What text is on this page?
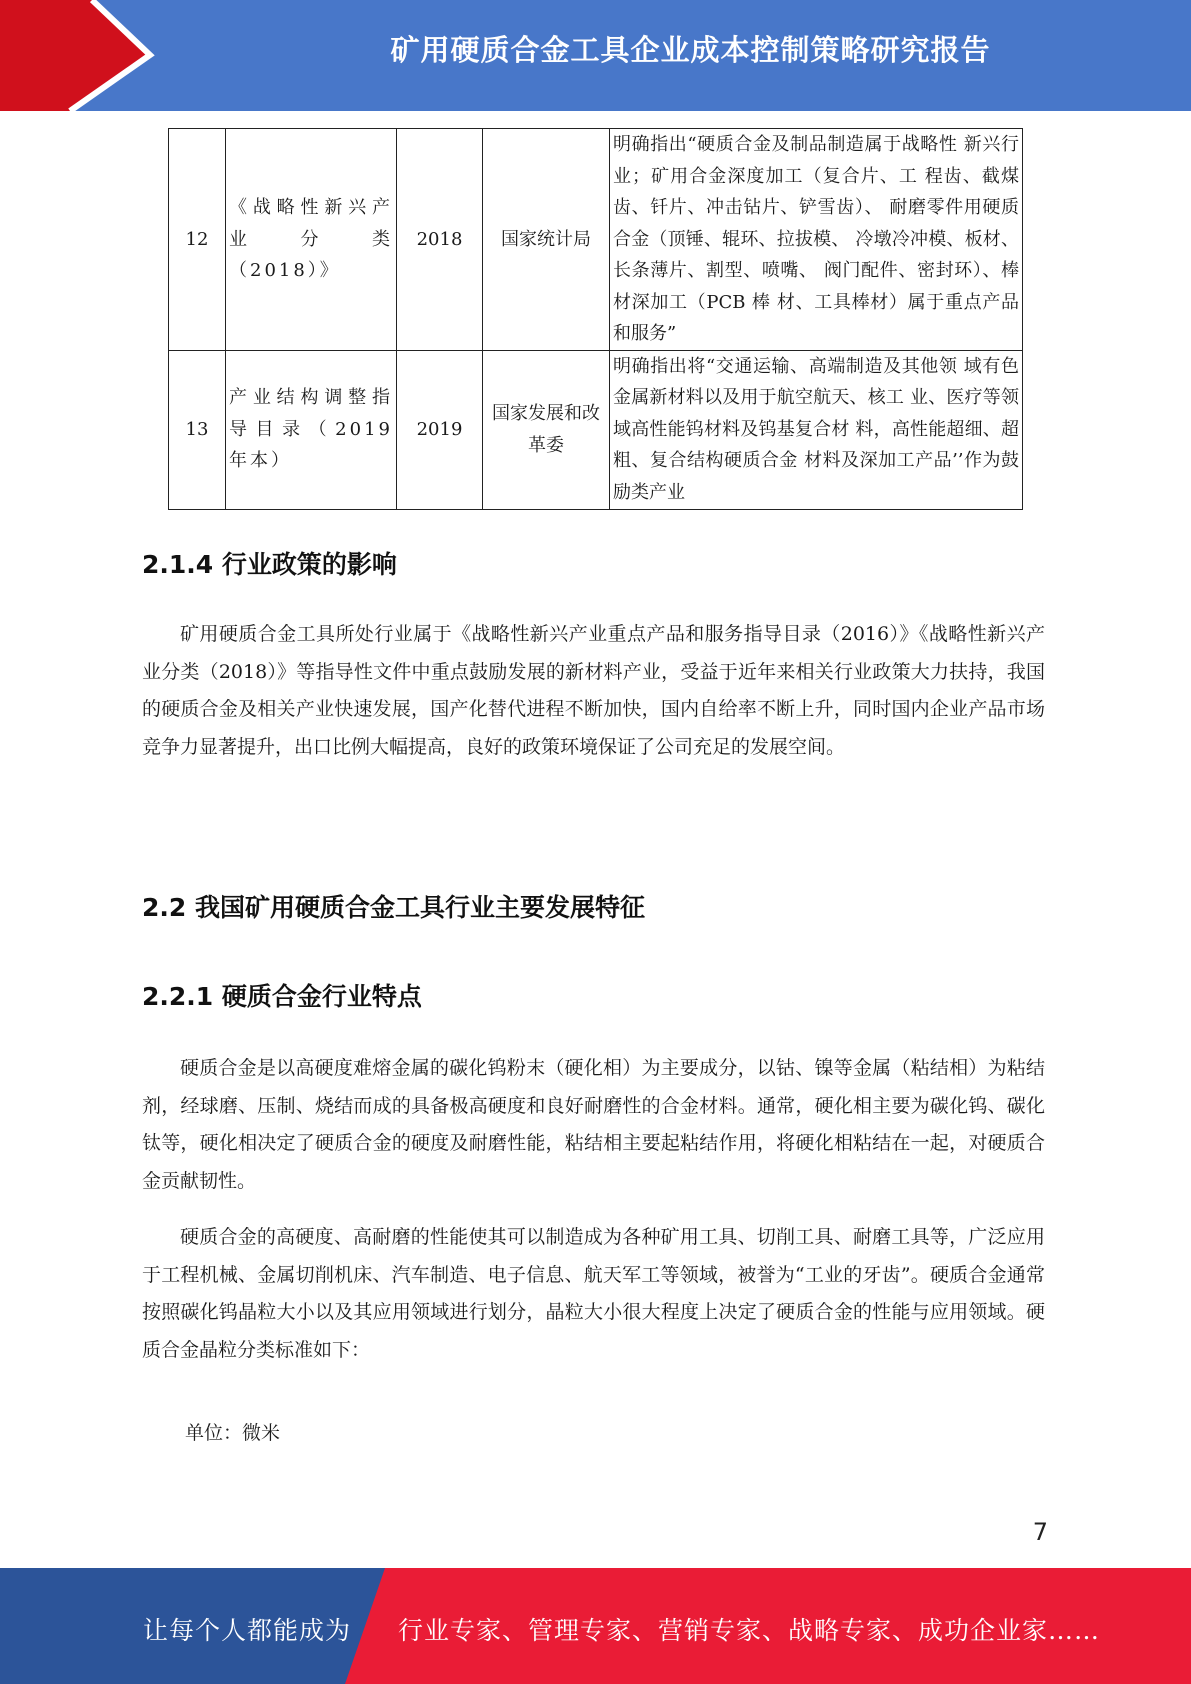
矿用硬质合金工具企业成本控制策略研究报告
12	《战略性新兴产业分类（2018）》	2018	国家统计局	明确指出“硬质合金及制品制造属于战略性 新兴行业；矿用合金深度加工（复合片、工 程齿、截煤齿、钎片、冲击钻片、铲雪齿）、 耐磨零件用硬质合金（顶锤、辊环、拉拔模、 冷墩冷冲模、板材、长条薄片、割型、喷嘴、 阀门配件、密封环）、棒材深加工（PCB 棒 材、工具棒材）属于重点产品和服务”
13	产业结构调整指导目录（2019 年本）	2019	国家发展和改革委	明确指出将“交通运输、高端制造及其他领 域有色金属新材料以及用于航空航天、核工 业、医疗等领域高性能钨材料及钨基复合材 料，高性能超细、超粗、复合结构硬质合金 材料及深加工产品’’作为鼓励类产业
2.1.4 行业政策的影响
矿用硬质合金工具所处行业属于《战略性新兴产业重点产品和服务指导目录（2016）》《战略性新兴产业分类（2018）》等指导性文件中重点鼓励发展的新材料产业，受益于近年来相关行业政策大力扶持，我国的硬质合金及相关产业快速发展，国产化替代进程不断加快，国内自给率不断上升，同时国内企业产品市场竞争力显著提升，出口比例大幅提高，良好的政策环境保证了公司充足的发展空间。
2.2 我国矿用硬质合金工具行业主要发展特征
2.2.1 硬质合金行业特点
硬质合金是以高硬度难熔金属的碳化钨粉末（硬化相）为主要成分，以钴、镍等金属（粘结相）为粘结剂，经球磨、压制、烧结而成的具备极高硬度和良好耐磨性的合金材料。通常，硬化相主要为碳化钨、碳化钛等，硬化相决定了硬质合金的硬度及耐磨性能，粘结相主要起粘结作用，将硬化相粘结在一起，对硬质合金贡献韧性。
硬质合金的高硬度、高耐磨的性能使其可以制造成为各种矿用工具、切削工具、耐磨工具等，广泛应用于工程机械、金属切削机床、汽车制造、电子信息、航天军工等领域，被誉为“工业的牙齿”。硬质合金通常按照碳化钨晶粒大小以及其应用领域进行划分，晶粒大小很大程度上决定了硬质合金的性能与应用领域。硬质合金晶粒分类标准如下：
单位：微米
7
让每个人都能成为 行业专家、管理专家、营销专家、战略专家、成功企业家……
